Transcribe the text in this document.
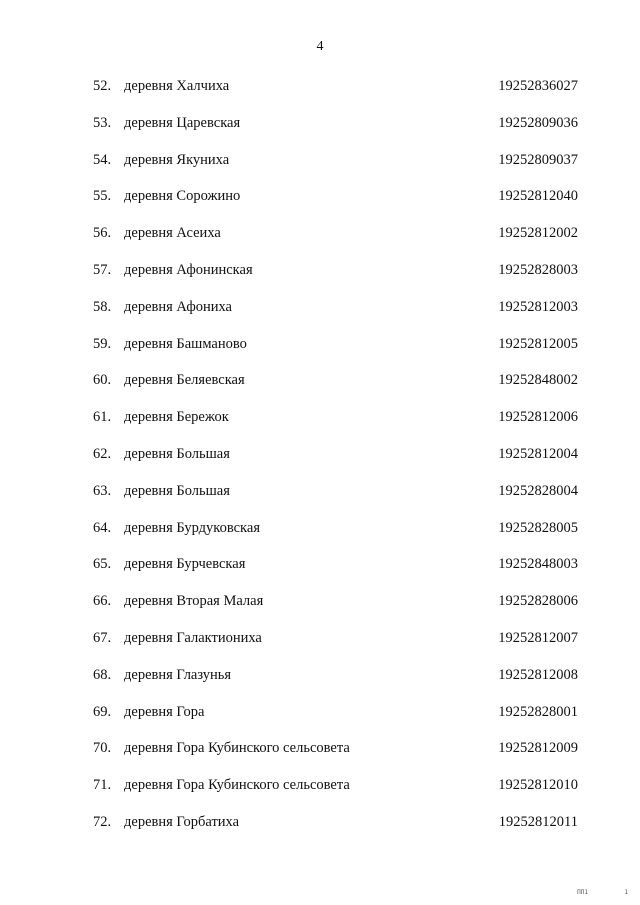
4
52. деревня Халчиха	19252836027
53. деревня Царевская	19252809036
54. деревня Якуниха	19252809037
55. деревня Сорожино	19252812040
56. деревня Асеиха	19252812002
57. деревня Афонинская	19252828003
58. деревня Афониха	19252812003
59. деревня Башманово	19252812005
60. деревня Беляевская	19252848002
61. деревня Бережок	19252812006
62. деревня Большая	19252812004
63. деревня Большая	19252828004
64. деревня Бурдуковская	19252828005
65. деревня Бурчевская	19252848003
66. деревня Вторая Малая	19252828006
67. деревня Галактиониха	19252812007
68. деревня Глазунья	19252812008
69. деревня Гора	19252828001
70. деревня Гора Кубинского сельсовета	19252812009
71. деревня Гора Кубинского сельсовета	19252812010
72. деревня Горбатиха	19252812011
ПП1	1
